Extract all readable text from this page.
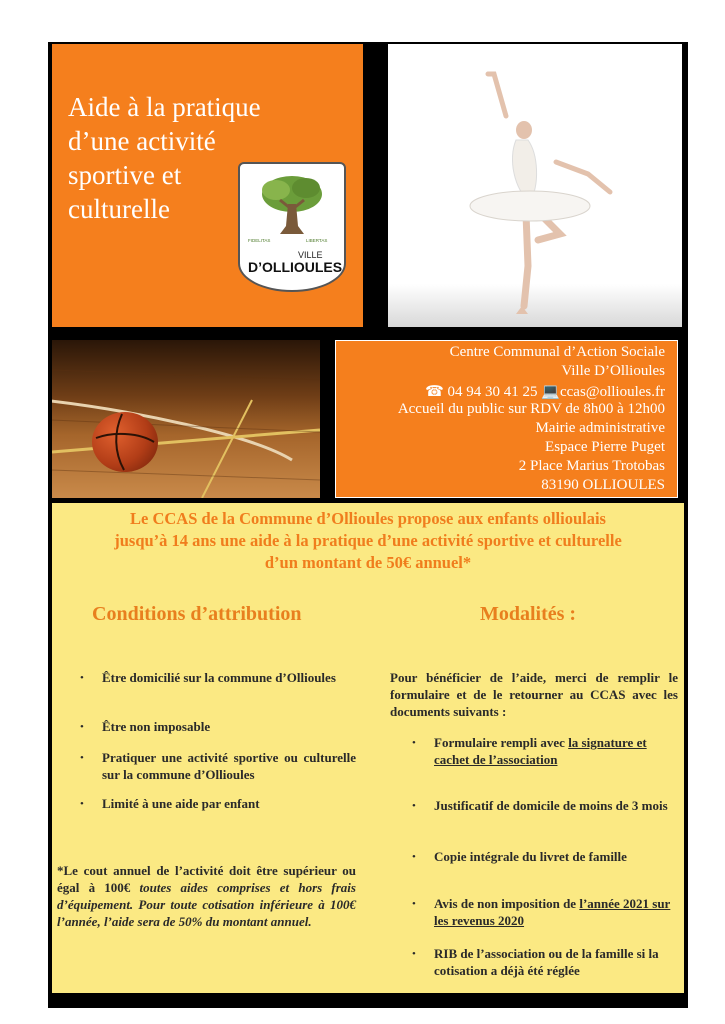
Aide à la pratique
d’une activité
sportive et
culturelle
FIDELITAS	LIBERTAS
VILLE
D’OLLIOULES
Centre Communal d’Action Sociale
Ville D’Ollioules
☎ 04 94 30 41 25 💻ccas@ollioules.fr
Accueil du public sur RDV de 8h00 à 12h00
Mairie administrative
Espace Pierre Puget
2 Place Marius Trotobas
83190 OLLIOULES
Le CCAS de la Commune d’Ollioules propose aux enfants ollioulais
jusqu’à 14 ans une aide à la pratique d’une activité sportive et culturelle
d’un montant de 50€ annuel*
Conditions d’attribution	Modalités :
• Être domicilié sur la commune d’Ollioules
• Être non imposable
• Pratiquer une activité sportive ou culturelle sur la commune d’Ollioules
• Limité à une aide par enfant
*Le cout annuel de l’activité doit être supérieur ou égal à 100€ toutes aides comprises et hors frais d’équipement. Pour toute cotisation inférieure à 100€ l’année, l’aide sera de 50% du montant annuel.
Pour bénéficier de l’aide, merci de remplir le formulaire et de le retourner au CCAS avec les documents suivants :
• Formulaire rempli avec la signature et cachet de l’association
• Justificatif de domicile de moins de 3 mois
• Copie intégrale du livret de famille
• Avis de non imposition de l’année 2021 sur les revenus 2020
• RIB de l’association ou de la famille si la cotisation a déjà été réglée
